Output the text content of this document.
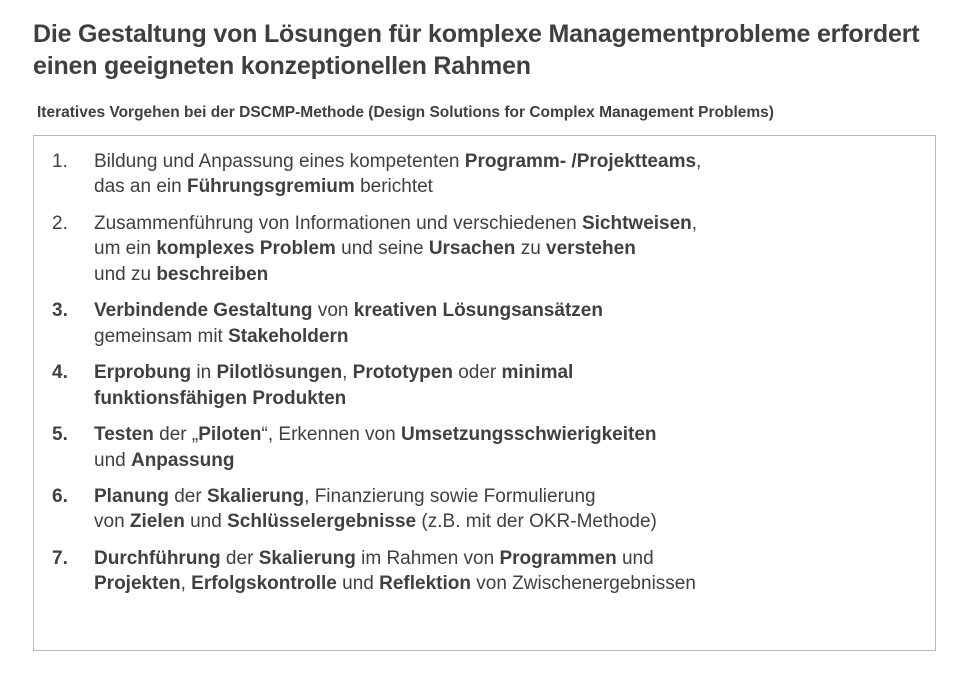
Die Gestaltung von Lösungen für komplexe Managementprobleme erfordert einen geeigneten konzeptionellen Rahmen
Iteratives Vorgehen bei der DSCMP-Methode (Design Solutions for Complex Management Problems)
1.	Bildung und Anpassung eines kompetenten Programm- /Projektteams,
das an ein Führungsgremium berichtet
2.	Zusammenführung von Informationen und verschiedenen Sichtweisen,
um ein komplexes Problem und seine Ursachen zu verstehen
und zu beschreiben
3.	Verbindende Gestaltung von kreativen Lösungsansätzen
gemeinsam mit Stakeholdern
4.	Erprobung in Pilotlösungen, Prototypen oder minimal
funktionsfähigen Produkten
5.	Testen der „Piloten“, Erkennen von Umsetzungsschwierigkeiten
und Anpassung
6.	Planung der Skalierung, Finanzierung sowie Formulierung
von Zielen und Schlüsselergebnisse (z.B. mit der OKR-Methode)
7.	Durchführung der Skalierung im Rahmen von Programmen und
Projekten, Erfolgskontrolle und Reflektion von Zwischenergebnissen
